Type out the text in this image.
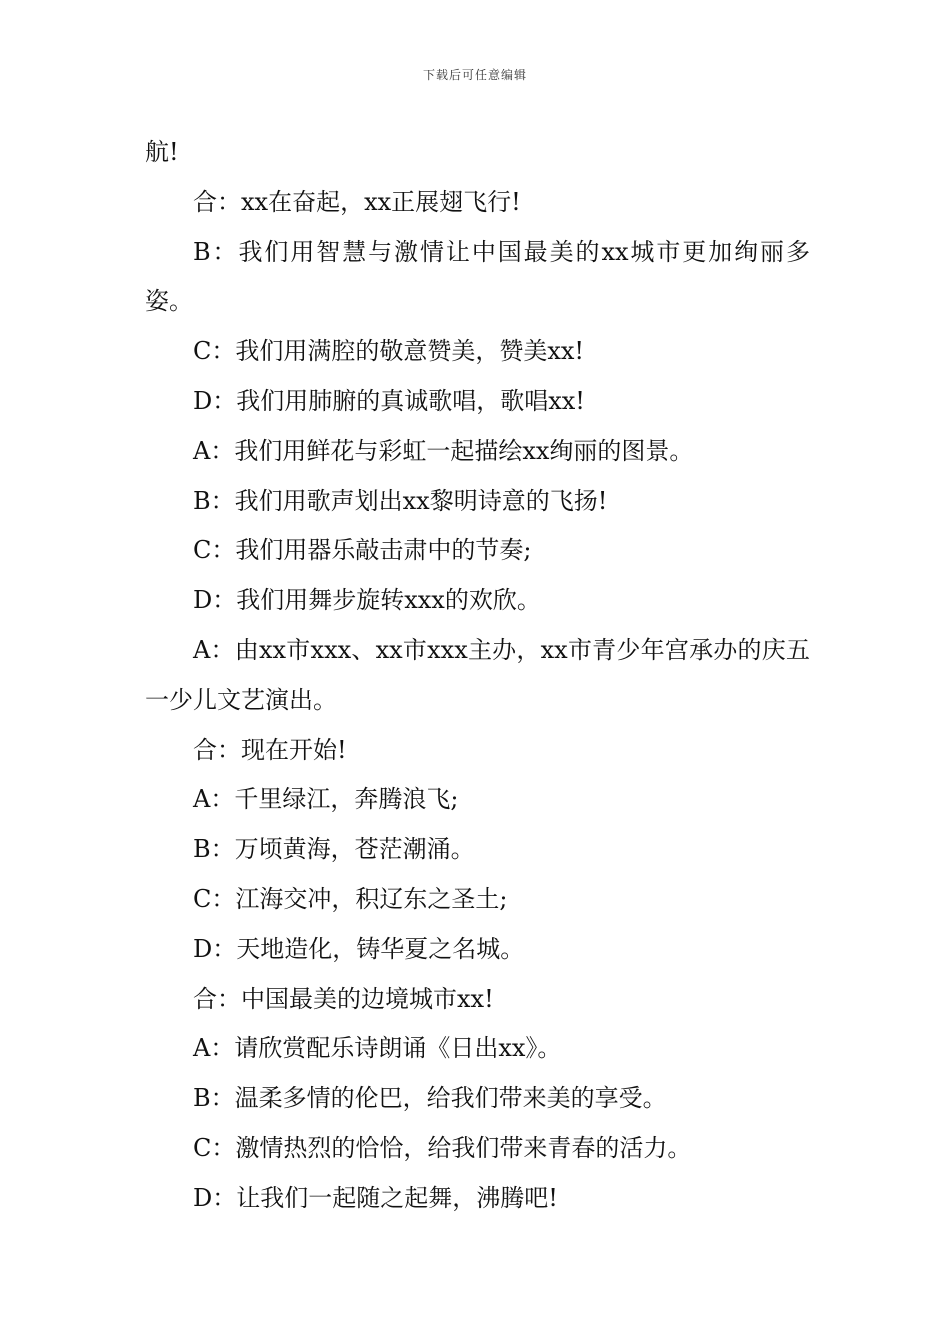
下载后可任意编辑

航!

合：xx在奋起，xx正展翅飞行!

B：我们用智慧与激情让中国最美的xx城市更加绚丽多姿。

C：我们用满腔的敬意赞美，赞美xx!

D：我们用肺腑的真诚歌唱，歌唱xx!

A：我们用鲜花与彩虹一起描绘xx绚丽的图景。

B：我们用歌声划出xx黎明诗意的飞扬!

C：我们用器乐敲击肃中的节奏;

D：我们用舞步旋转xxx的欢欣。

A：由xx市xxx、xx市xxx主办，xx市青少年宫承办的庆五一少儿文艺演出。

合：现在开始!

A：千里绿江，奔腾浪飞;

B：万顷黄海，苍茫潮涌。

C：江海交冲，积辽东之圣土;

D：天地造化，铸华夏之名城。

合：中国最美的边境城市xx!

A：请欣赏配乐诗朗诵《日出xx》。

B：温柔多情的伦巴，给我们带来美的享受。

C：激情热烈的恰恰，给我们带来青春的活力。

D：让我们一起随之起舞，沸腾吧!
